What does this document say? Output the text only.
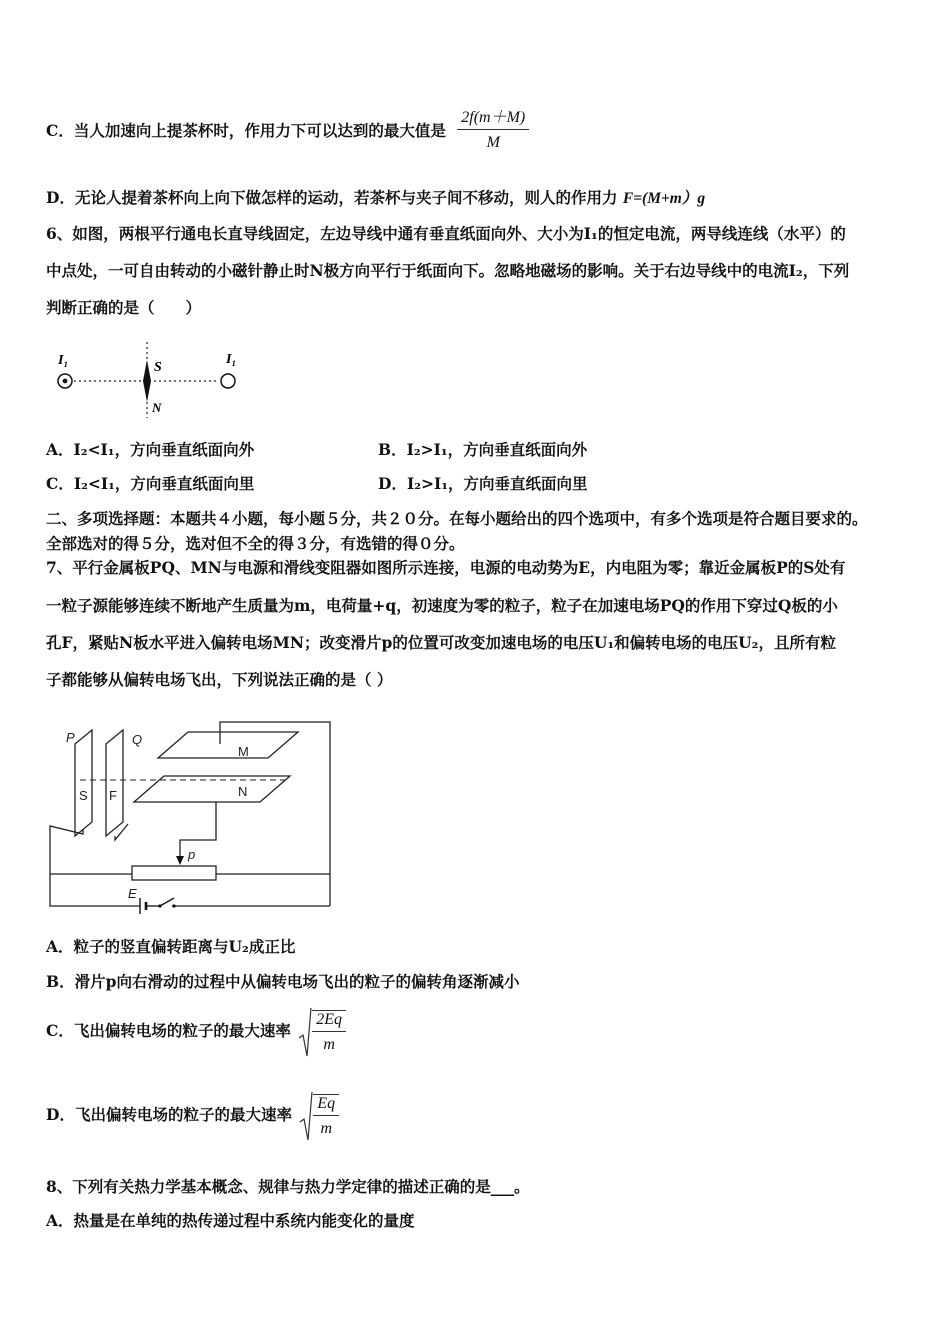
C．当人加速向上提茶杯时，作用力下可以达到的最大值是 $\frac{2f(m+M)}{M}$
D．无论人提着茶杯向上向下做怎样的运动，若茶杯与夹子间不移动，则人的作用力 F=(M+m）g
6、如图，两根平行通电长直导线固定，左边导线中通有垂直纸面向外、大小为I₁的恒定电流，两导线连线（水平）的
中点处，一可自由转动的小磁针静止时N极方向平行于纸面向下。忽略地磁场的影响。关于右边导线中的电流I₂，下列
判断正确的是（　　）
I₁	S
N
I₁
A．I₂<I₁，方向垂直纸面向外	B．I₂>I₁，方向垂直纸面向外
C．I₂<I₁，方向垂直纸面向里	D．I₂>I₁，方向垂直纸面向里
二、多项选择题：本题共４小题，每小题５分，共２０分。在每小题给出的四个选项中，有多个选项是符合题目要求的。
全部选对的得５分，选对但不全的得３分，有选错的得０分。
7、平行金属板PQ、MN与电源和滑线变阻器如图所示连接，电源的电动势为E，内电阻为零；靠近金属板P的S处有
一粒子源能够连续不断地产生质量为m，电荷量+q，初速度为零的粒子，粒子在加速电场PQ的作用下穿过Q板的小
孔F，紧贴N板水平进入偏转电场MN；改变滑片p的位置可改变加速电场的电压U₁和偏转电场的电压U₂，且所有粒
子都能够从偏转电场飞出，下列说法正确的是（ ）
P	Q
S F
M
N
p
E
A．粒子的竖直偏转距离与U₂成正比
B．滑片p向右滑动的过程中从偏转电场飞出的粒子的偏转角逐渐减小
C．飞出偏转电场的粒子的最大速率 $\frac{2Eq}{m}$
D．飞出偏转电场的粒子的最大速率 $\frac{Eq}{m}$
8、下列有关热力学基本概念、规律与热力学定律的描述正确的是___。
A．热量是在单纯的热传递过程中系统内能变化的量度
